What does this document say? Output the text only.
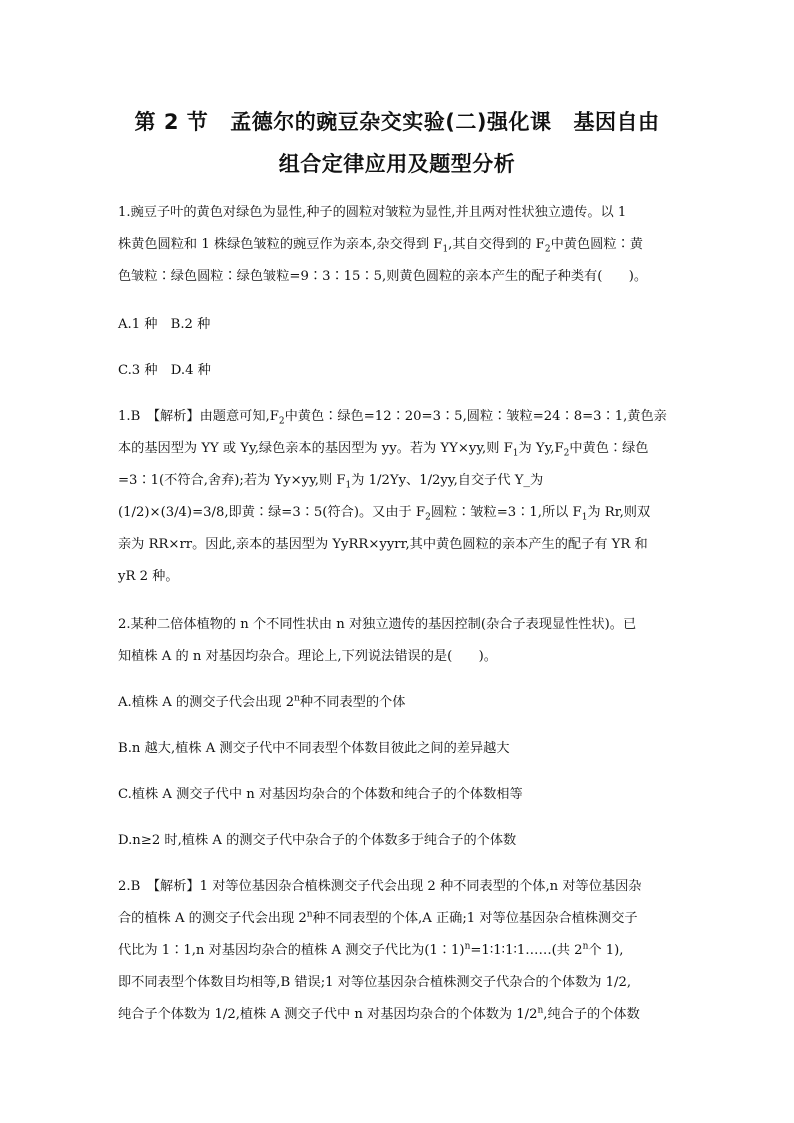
第 2 节 孟德尔的豌豆杂交实验(二)强化课 基因自由
组合定律应用及题型分析
1.豌豆子叶的黄色对绿色为显性,种子的圆粒对皱粒为显性,并且两对性状独立遗传。以 1
株黄色圆粒和 1 株绿色皱粒的豌豆作为亲本,杂交得到 $F_1$,其自交得到的 $F_2$中黄色圆粒∶黄
色皱粒∶绿色圆粒∶绿色皱粒=9∶3∶15∶5,则黄色圆粒的亲本产生的配子种类有(　　)。
A.1 种　B.2 种
C.3 种　D.4 种
1.B　【解析】由题意可知$,F_2$中黄色∶绿色=12∶20=3∶5,圆粒∶皱粒=24∶8=3∶1,黄色亲
本的基因型为 YY 或 Yy,绿色亲本的基因型为 yy。若为 YY×yy,则 $F_1$为 $Yy,F_2$中黄色∶绿色
=3∶1(不符合,舍弃);若为 Yy×yy,则 $F_1$为 1/2Yy、1/2yy,自交子代 Y_为
(1/2)×(3/4)=3/8,即黄∶绿=3∶5(符合)。又由于 $F_2$圆粒∶皱粒=3∶1,所以 $F_1$为 Rr,则双
亲为 RR×rr。因此,亲本的基因型为 YyRR×yyrr,其中黄色圆粒的亲本产生的配子有 YR 和
yR 2 种。
2.某种二倍体植物的 n 个不同性状由 n 对独立遗传的基因控制(杂合子表现显性性状)。已
知植株 A 的 n 对基因均杂合。理论上,下列说法错误的是(　　)。
A.植株 A 的测交子代会出现 2$^n$种不同表型的个体
B.n 越大,植株 A 测交子代中不同表型个体数目彼此之间的差异越大
C.植株 A 测交子代中 n 对基因均杂合的个体数和纯合子的个体数相等
D.n≥2 时,植株 A 的测交子代中杂合子的个体数多于纯合子的个体数
2.B　【解析】1 对等位基因杂合植株测交子代会出现 2 种不同表型的个体,n 对等位基因杂
合的植株 A 的测交子代会出现 2$^n$种不同表型的个体,A 正确;1 对等位基因杂合植株测交子
代比为 1∶1,n 对基因均杂合的植株 A 测交子代比为(1∶1)$^n$=1∶1∶1∶1……(共 2$^n$个 1),
即不同表型个体数目均相等,B 错误;1 对等位基因杂合植株测交子代杂合的个体数为 1/2,
纯合子个体数为 1/2,植株 A 测交子代中 n 对基因均杂合的个体数为 1/2$^n$,纯合子的个体数
